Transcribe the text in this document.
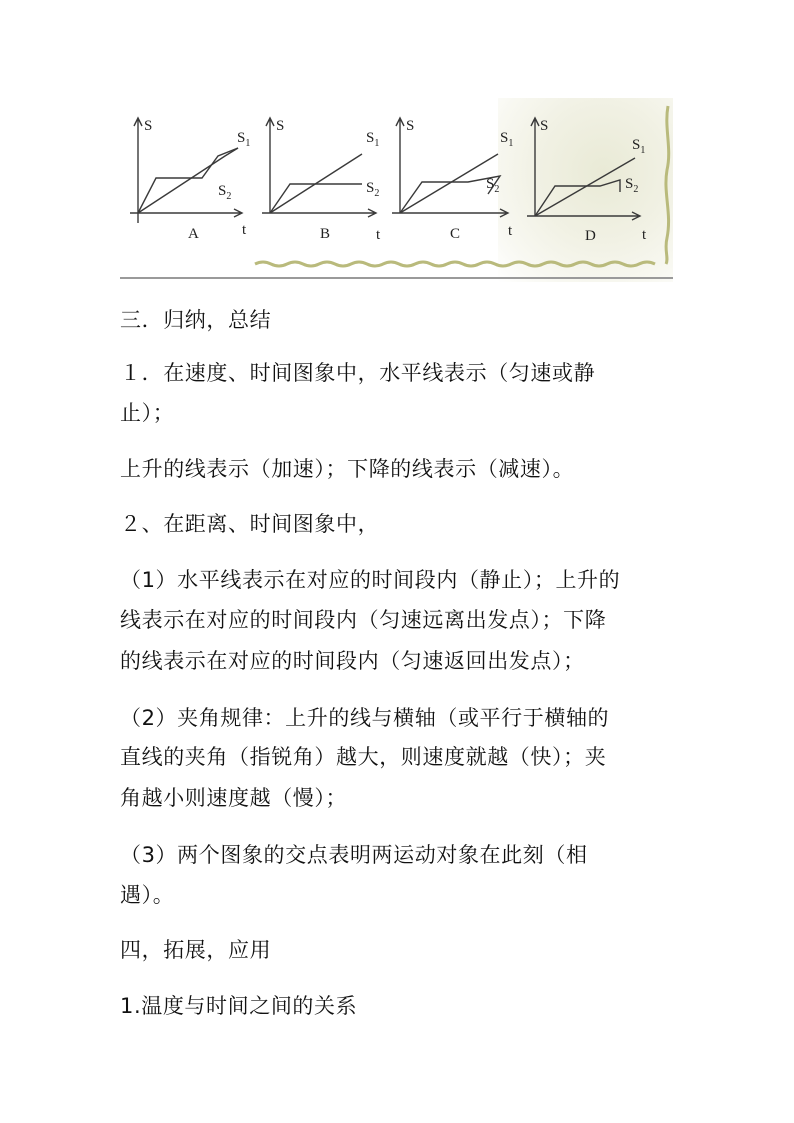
S
$S_1$
$S_2$
t
A
S
$S_1$
$S_2$
t
B
S
$S_1$
$S_2$
t
C
S
$S_1$
$S_2$
t
D

三．归纳，总结

１．在速度、时间图象中，水平线表示（匀速或静

止）；

上升的线表示（加速）；下降的线表示（减速）。

２、在距离、时间图象中，

（1）水平线表示在对应的时间段内（静止）；上升的

线表示在对应的时间段内（匀速远离出发点）；下降

的线表示在对应的时间段内（匀速返回出发点）；

（2）夹角规律：上升的线与横轴（或平行于横轴的

直线的夹角（指锐角）越大，则速度就越（快）；夹

角越小则速度越（慢）；

（3）两个图象的交点表明两运动对象在此刻（相

遇）。

四，拓展，应用

1.温度与时间之间的关系
